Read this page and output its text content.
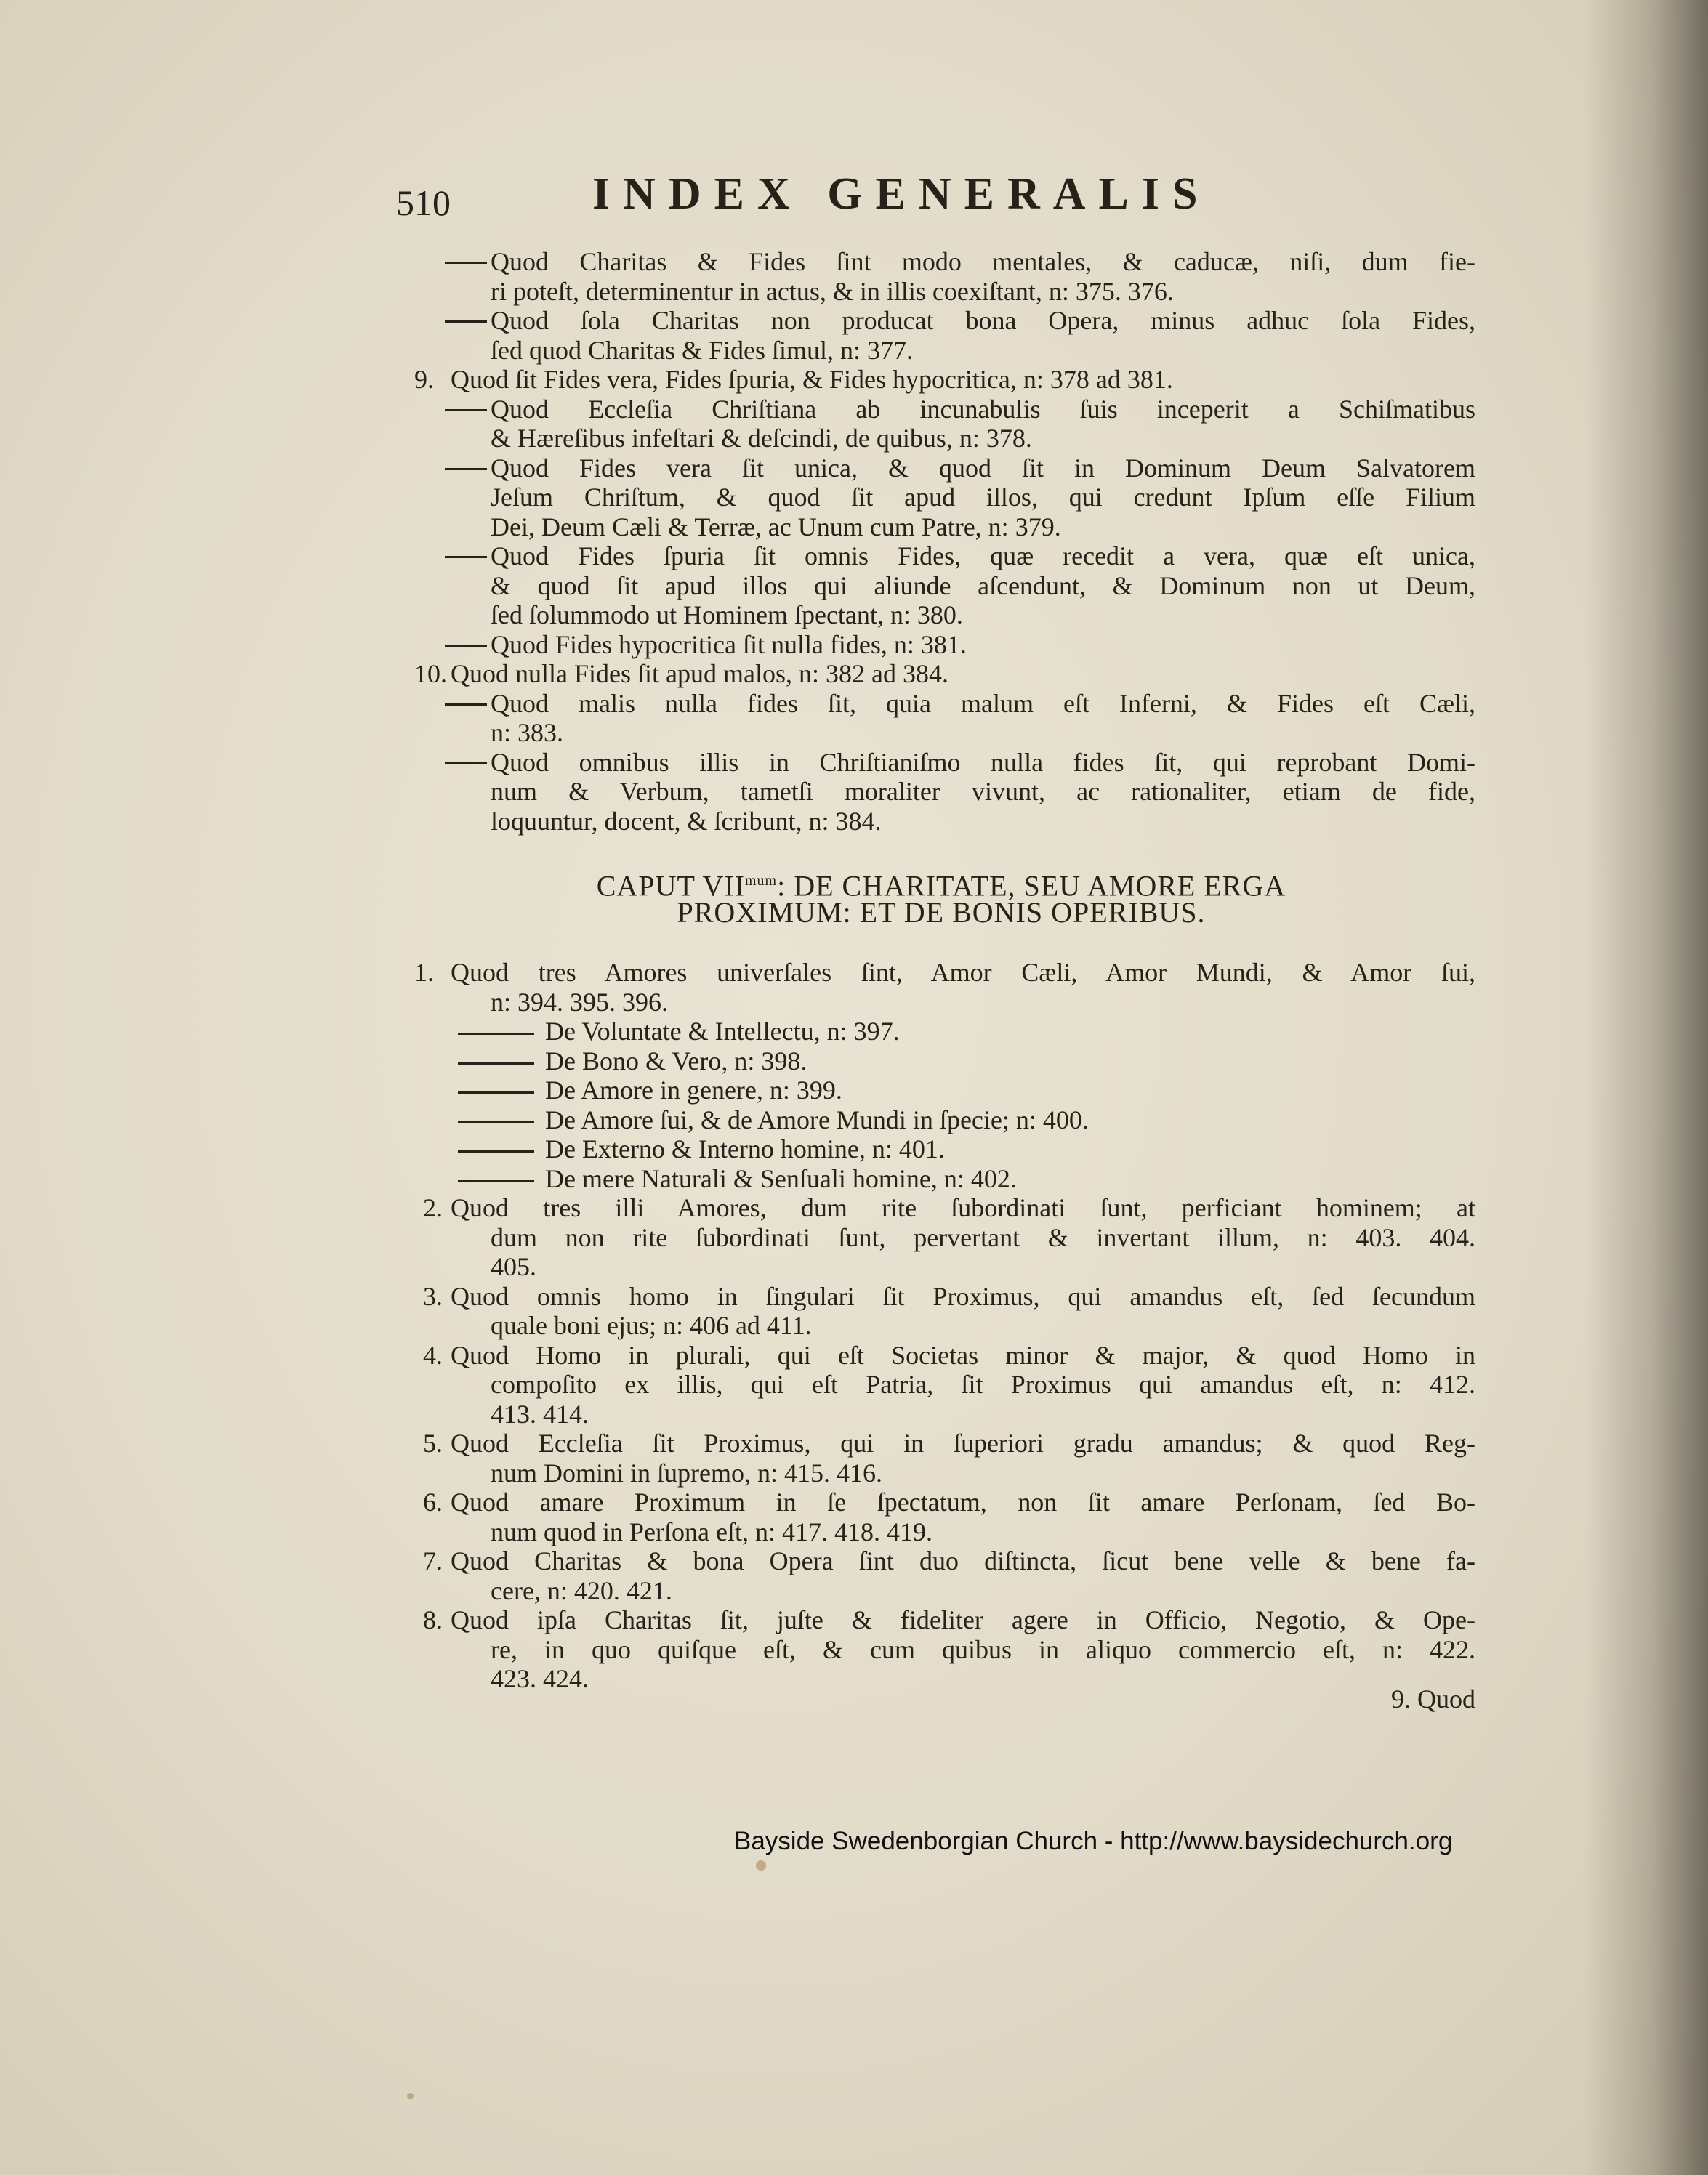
510	INDEX GENERALIS
Quod Charitas & Fides ſint modo mentales, & caducæ, niſi, dum fie-
ri poteſt, determinentur in actus, & in illis coexiſtant, n: 375. 376.
Quod ſola Charitas non producat bona Opera, minus adhuc ſola Fides,
ſed quod Charitas & Fides ſimul, n: 377.
9. Quod ſit Fides vera, Fides ſpuria, & Fides hypocritica, n: 378 ad 381.
Quod Eccleſia Chriſtiana ab incunabulis ſuis inceperit a Schiſmatibus
& Hæreſibus infeſtari & deſcindi, de quibus, n: 378.
Quod Fides vera ſit unica, & quod ſit in Dominum Deum Salvatorem
Jeſum Chriſtum, & quod ſit apud illos, qui credunt Ipſum eſſe Filium
Dei, Deum Cæli & Terræ, ac Unum cum Patre, n: 379.
Quod Fides ſpuria ſit omnis Fides, quæ recedit a vera, quæ eſt unica,
& quod ſit apud illos qui aliunde aſcendunt, & Dominum non ut Deum,
ſed ſolummodo ut Hominem ſpectant, n: 380.
Quod Fides hypocritica ſit nulla fides, n: 381.
10. Quod nulla Fides ſit apud malos, n: 382 ad 384.
Quod malis nulla fides ſit, quia malum eſt Inferni, & Fides eſt Cæli,
n: 383.
Quod omnibus illis in Chriſtianiſmo nulla fides ſit, qui reprobant Domi-
num & Verbum, tametſi moraliter vivunt, ac rationaliter, etiam de fide,
loquuntur, docent, & ſcribunt, n: 384.
CAPUT $VII^{mum}$: DE CHARITATE, SEU AMORE ERGA
PROXIMUM: ET DE BONIS OPERIBUS.
1. Quod tres Amores univerſales ſint, Amor Cæli, Amor Mundi, & Amor ſui,
n: 394. 395. 396.
De Voluntate & Intellectu, n: 397.
De Bono & Vero, n: 398.
De Amore in genere, n: 399.
De Amore ſui, & de Amore Mundi in ſpecie; n: 400.
De Externo & Interno homine, n: 401.
De mere Naturali & Senſuali homine, n: 402.
2. Quod tres illi Amores, dum rite ſubordinati ſunt, perficiant hominem; at
dum non rite ſubordinati ſunt, pervertant & invertant illum, n: 403. 404.
405.
3. Quod omnis homo in ſingulari ſit Proximus, qui amandus eſt, ſed ſecundum
quale boni ejus; n: 406 ad 411.
4. Quod Homo in plurali, qui eſt Societas minor & major, & quod Homo in
compoſito ex illis, qui eſt Patria, ſit Proximus qui amandus eſt, n: 412.
413. 414.
5. Quod Eccleſia ſit Proximus, qui in ſuperiori gradu amandus; & quod Reg-
num Domini in ſupremo, n: 415. 416.
6. Quod amare Proximum in ſe ſpectatum, non ſit amare Perſonam, ſed Bo-
num quod in Perſona eſt, n: 417. 418. 419.
7. Quod Charitas & bona Opera ſint duo diſtincta, ſicut bene velle & bene fa-
cere, n: 420. 421.
8. Quod ipſa Charitas ſit, juſte & fideliter agere in Officio, Negotio, & Ope-
re, in quo quiſque eſt, & cum quibus in aliquo commercio eſt, n: 422.
423. 424.
9. Quod
Bayside Swedenborgian Church - http://www.baysidechurch.org
